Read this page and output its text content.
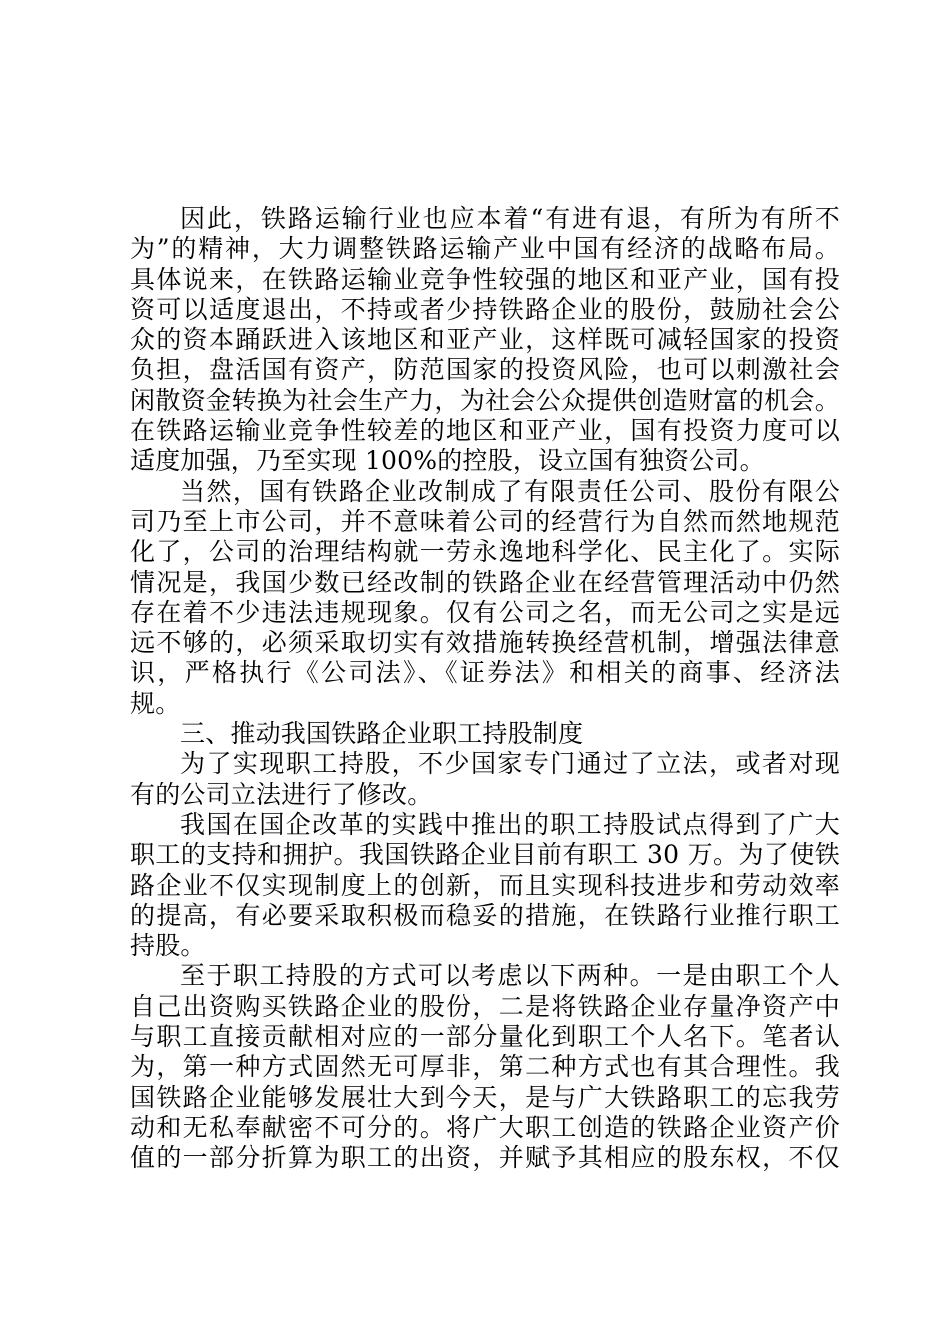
因此，铁路运输行业也应本着“有进有退，有所为有所不
为”的精神，大力调整铁路运输产业中国有经济的战略布局。
具体说来，在铁路运输业竞争性较强的地区和亚产业，国有投
资可以适度退出，不持或者少持铁路企业的股份，鼓励社会公
众的资本踊跃进入该地区和亚产业，这样既可减轻国家的投资
负担，盘活国有资产，防范国家的投资风险，也可以刺激社会
闲散资金转换为社会生产力，为社会公众提供创造财富的机会。
在铁路运输业竞争性较差的地区和亚产业，国有投资力度可以
适度加强，乃至实现 100%的控股，设立国有独资公司。
当然，国有铁路企业改制成了有限责任公司、股份有限公
司乃至上市公司，并不意味着公司的经营行为自然而然地规范
化了，公司的治理结构就一劳永逸地科学化、民主化了。实际
情况是，我国少数已经改制的铁路企业在经营管理活动中仍然
存在着不少违法违规现象。仅有公司之名，而无公司之实是远
远不够的，必须采取切实有效措施转换经营机制，增强法律意
识，严格执行《公司法》、《证券法》和相关的商事、经济法
规。
三、推动我国铁路企业职工持股制度
为了实现职工持股，不少国家专门通过了立法，或者对现
有的公司立法进行了修改。
我国在国企改革的实践中推出的职工持股试点得到了广大
职工的支持和拥护。我国铁路企业目前有职工 30 万。为了使铁
路企业不仅实现制度上的创新，而且实现科技进步和劳动效率
的提高，有必要采取积极而稳妥的措施，在铁路行业推行职工
持股。
至于职工持股的方式可以考虑以下两种。一是由职工个人
自己出资购买铁路企业的股份，二是将铁路企业存量净资产中
与职工直接贡献相对应的一部分量化到职工个人名下。笔者认
为，第一种方式固然无可厚非，第二种方式也有其合理性。我
国铁路企业能够发展壮大到今天，是与广大铁路职工的忘我劳
动和无私奉献密不可分的。将广大职工创造的铁路企业资产价
值的一部分折算为职工的出资，并赋予其相应的股东权，不仅
